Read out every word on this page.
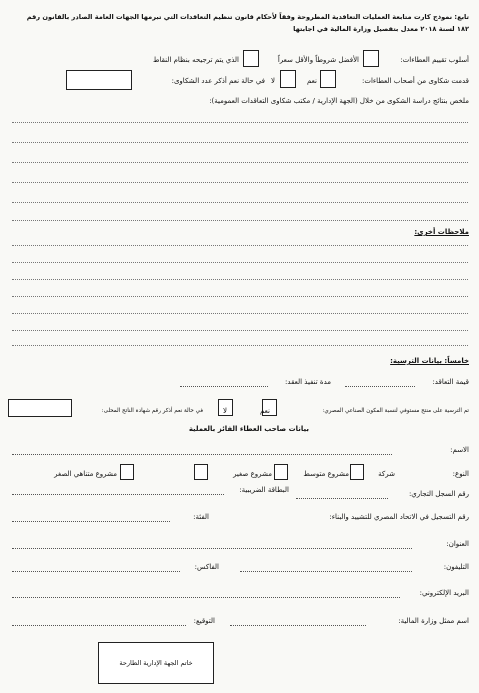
تابع: نموذج كارت متابعة العمليات التعاقدية المطروحة وفقاً لأحكام قانون تنظيم التعاقدات التي تبرمها الجهات العامة الصادر بالقانون رقم
١٨٢ لسنة ٢٠١٨ معدل بتفصيل وزارة المالية في اجابتها
أسلوب تقييم العطاءات:
الأفضل شروطاً والأقل سعراً
الذي يتم ترجيحه بنظام النقاط
قدمت شكاوى من أصحاب العطاءات:
نعم
لا
في حالة نعم أذكر عدد الشكاوى:
ملخص بنتائج دراسة الشكوى من خلال (الجهة الإدارية / مكتب شكاوى التعاقدات العمومية):
ملاحظات أخرى:
خامساً: بيانات الترسية:
قيمة التعاقد:
مدة تنفيذ العقد:
تم الترسية على منتج مستوفي لنسبة المكون الصناعي المصري:
نعم
لا
في حالة نعم أذكر رقم شهادة الناتج المحلى:
بيانات صاحب العطاء الفائز بالعملية
الاسم:
النوع:
شركة
مشروع متوسط
مشروع صغير
مشروع متناهي الصغر
رقم السجل التجاري:
البطاقة الضريبية:
رقم التسجيل في الاتحاد المصري للتشييد والبناء:
الفئة:
العنوان:
التليفون:
الفاكس:
البريد الإلكتروني:
اسم ممثل وزارة المالية:
التوقيع:
خاتم الجهة الإدارية الطارحة
